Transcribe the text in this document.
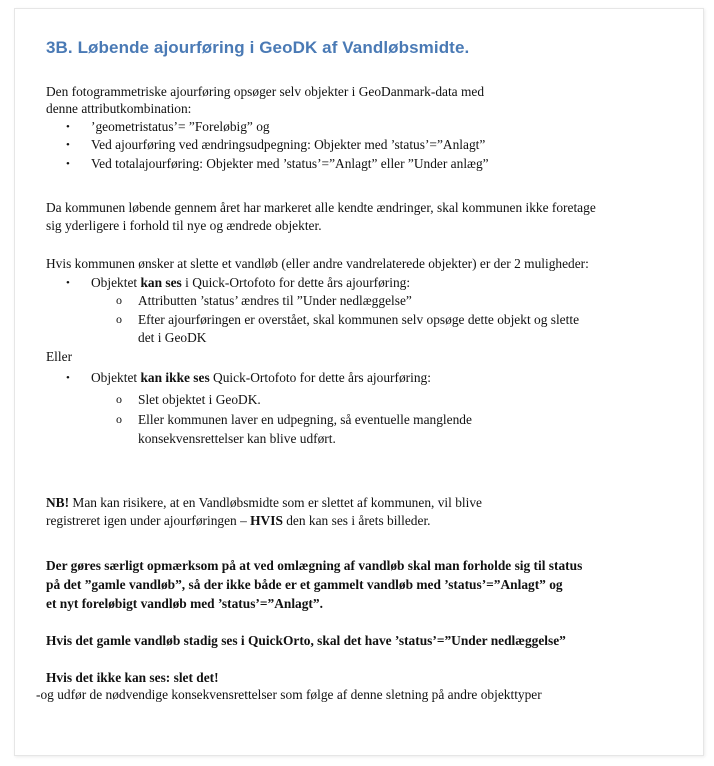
3B. Løbende ajourføring i GeoDK af Vandløbsmidte.
Den fotogrammetriske ajourføring opsøger selv objekter i GeoDanmark-data med
denne attributkombination:
• ’geometristatus’= ”Foreløbig” og
• Ved ajourføring ved ændringsudpegning: Objekter med ’status’=”Anlagt”
• Ved totalajourføring: Objekter med ’status’=”Anlagt” eller ”Under anlæg”
Da kommunen løbende gennem året har markeret alle kendte ændringer, skal kommunen ikke foretage
sig yderligere i forhold til nye og ændrede objekter.
Hvis kommunen ønsker at slette et vandløb (eller andre vandrelaterede objekter) er der 2 muligheder:
• Objektet kan ses i Quick-Ortofoto for dette års ajourføring:
o Attributten ’status’ ændres til ”Under nedlæggelse”
o Efter ajourføringen er overstået, skal kommunen selv opsøge dette objekt og slette
det i GeoDK
Eller
• Objektet kan ikke ses Quick-Ortofoto for dette års ajourføring:
o Slet objektet i GeoDK.
o Eller kommunen laver en udpegning, så eventuelle manglende
konsekvensrettelser kan blive udført.
NB! Man kan risikere, at en Vandløbsmidte som er slettet af kommunen, vil blive
registreret igen under ajourføringen – HVIS den kan ses i årets billeder.
Der gøres særligt opmærksom på at ved omlægning af vandløb skal man forholde sig til status
på det ”gamle vandløb”, så der ikke både er et gammelt vandløb med ’status’=”Anlagt” og
et nyt foreløbigt vandløb med ’status’=”Anlagt”.
Hvis det gamle vandløb stadig ses i QuickOrto, skal det have ’status’=”Under nedlæggelse”
Hvis det ikke kan ses: slet det!
-og udfør de nødvendige konsekvensrettelser som følge af denne sletning på andre objekttyper
